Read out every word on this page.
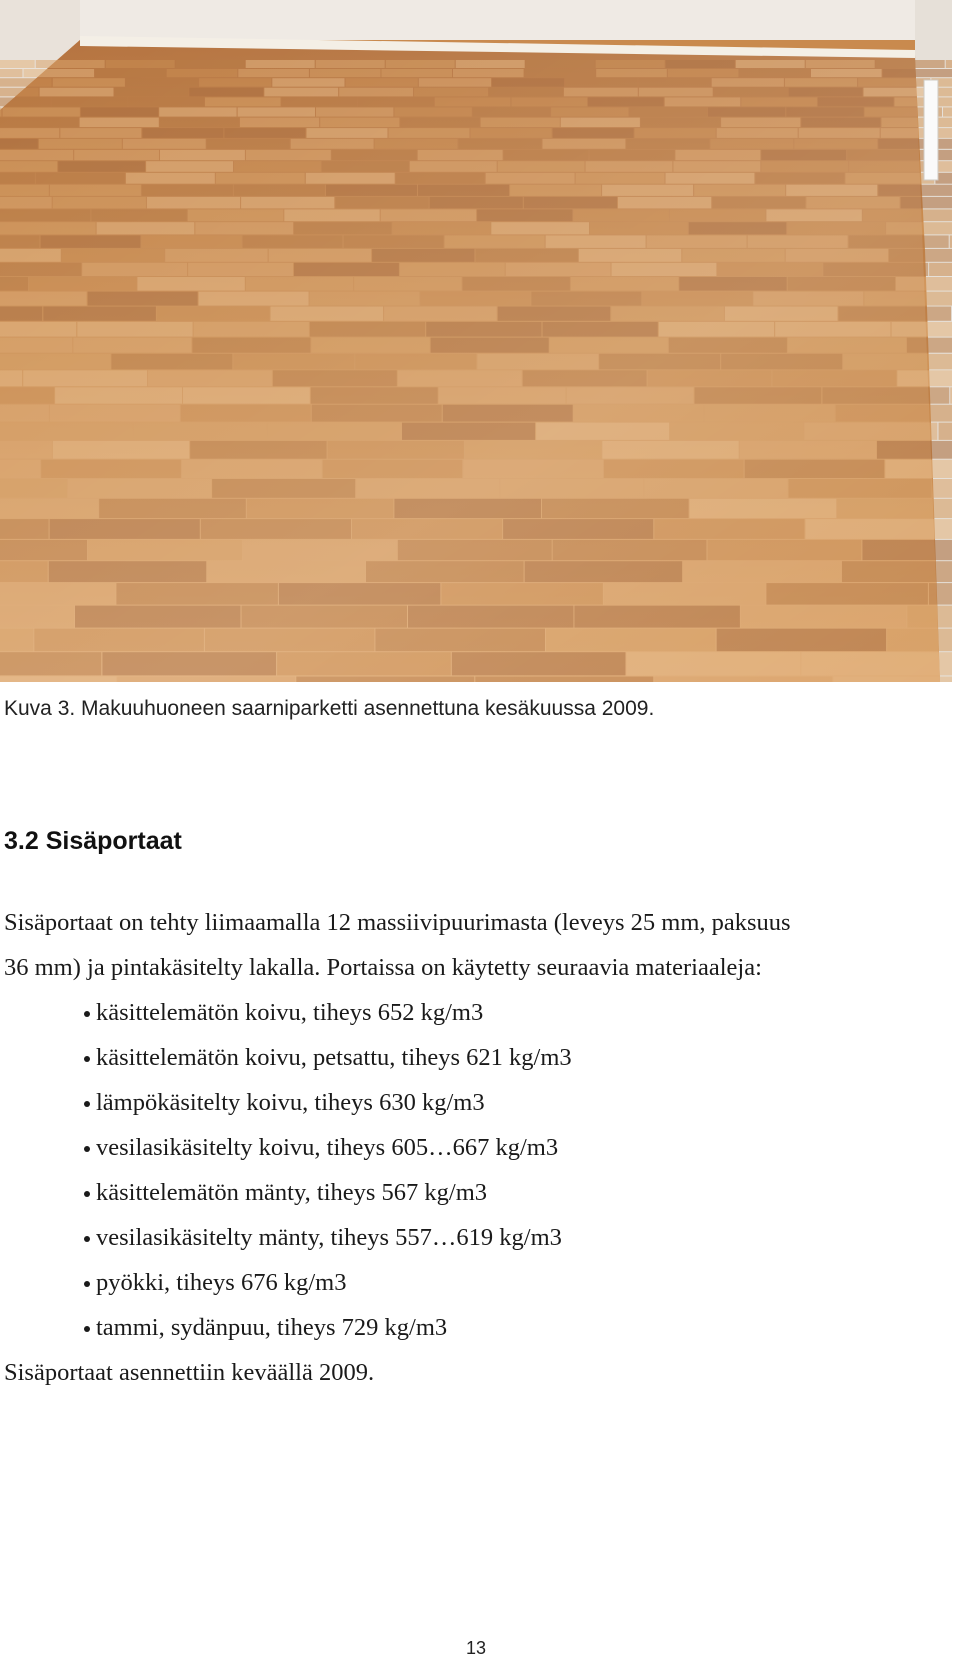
Kuva 3. Makuuhuoneen saarniparketti asennettuna kesäkuussa 2009.
3.2 Sisäportaat

Sisäportaat on tehty liimaamalla 12 massiivipuurimasta (leveys 25 mm, paksuus

36 mm) ja pintakäsitelty lakalla. Portaissa on käytetty seuraavia materiaaleja:

käsittelemätön koivu, tiheys 652 kg/m3
käsittelemätön koivu, petsattu, tiheys 621 kg/m3
lämpökäsitelty koivu, tiheys 630 kg/m3
vesilasikäsitelty koivu, tiheys 605…667 kg/m3
käsittelemätön mänty, tiheys 567 kg/m3
vesilasikäsitelty mänty, tiheys 557…619 kg/m3
pyökki, tiheys 676 kg/m3
tammi, sydänpuu, tiheys 729 kg/m3

Sisäportaat asennettiin keväällä 2009.

13
